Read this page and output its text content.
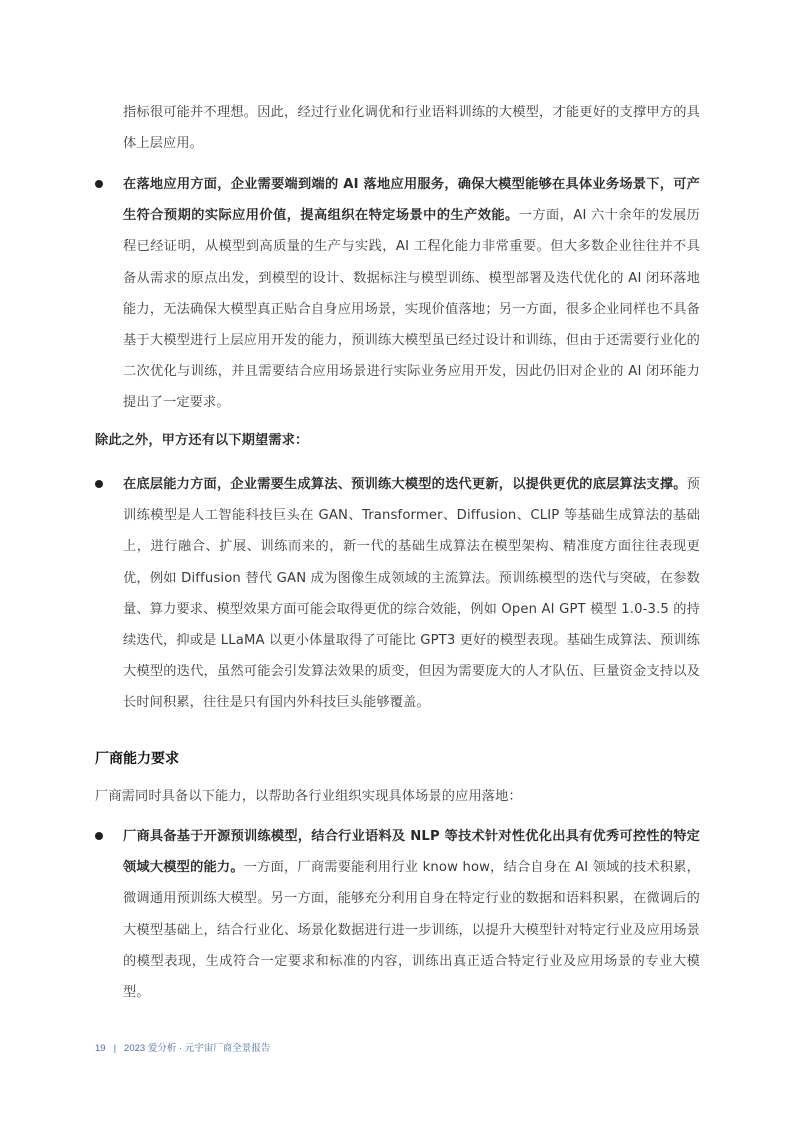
指标很可能并不理想。因此，经过行业化调优和行业语料训练的大模型，才能更好的支撑甲方的具体上层应用。

在落地应用方面，企业需要端到端的 AI 落地应用服务，确保大模型能够在具体业务场景下，可产生符合预期的实际应用价值，提高组织在特定场景中的生产效能。一方面，AI 六十余年的发展历程已经证明，从模型到高质量的生产与实践，AI 工程化能力非常重要。但大多数企业往往并不具备从需求的原点出发，到模型的设计、数据标注与模型训练、模型部署及迭代优化的 AI 闭环落地能力，无法确保大模型真正贴合自身应用场景，实现价值落地；另一方面，很多企业同样也不具备基于大模型进行上层应用开发的能力，预训练大模型虽已经过设计和训练，但由于还需要行业化的二次优化与训练，并且需要结合应用场景进行实际业务应用开发，因此仍旧对企业的 AI 闭环能力提出了一定要求。

除此之外，甲方还有以下期望需求：

在底层能力方面，企业需要生成算法、预训练大模型的迭代更新，以提供更优的底层算法支撑。预训练模型是人工智能科技巨头在 GAN、Transformer、Diffusion、CLIP 等基础生成算法的基础上，进行融合、扩展、训练而来的，新一代的基础生成算法在模型架构、精准度方面往往表现更优，例如 Diffusion 替代 GAN 成为图像生成领域的主流算法。预训练模型的迭代与突破，在参数量、算力要求、模型效果方面可能会取得更优的综合效能，例如 Open AI GPT 模型 1.0-3.5 的持续迭代，抑或是 LLaMA 以更小体量取得了可能比 GPT3 更好的模型表现。基础生成算法、预训练大模型的迭代，虽然可能会引发算法效果的质变，但因为需要庞大的人才队伍、巨量资金支持以及长时间积累，往往是只有国内外科技巨头能够覆盖。

厂商能力要求

厂商需同时具备以下能力，以帮助各行业组织实现具体场景的应用落地：

厂商具备基于开源预训练模型，结合行业语料及 NLP 等技术针对性优化出具有优秀可控性的特定领域大模型的能力。一方面，厂商需要能利用行业 know how，结合自身在 AI 领域的技术积累，微调通用预训练大模型。另一方面，能够充分利用自身在特定行业的数据和语料积累，在微调后的大模型基础上，结合行业化、场景化数据进行进一步训练，以提升大模型针对特定行业及应用场景的模型表现，生成符合一定要求和标准的内容，训练出真正适合特定行业及应用场景的专业大模型。

19 | 2023 爱分析 · 元宇宙厂商全景报告
